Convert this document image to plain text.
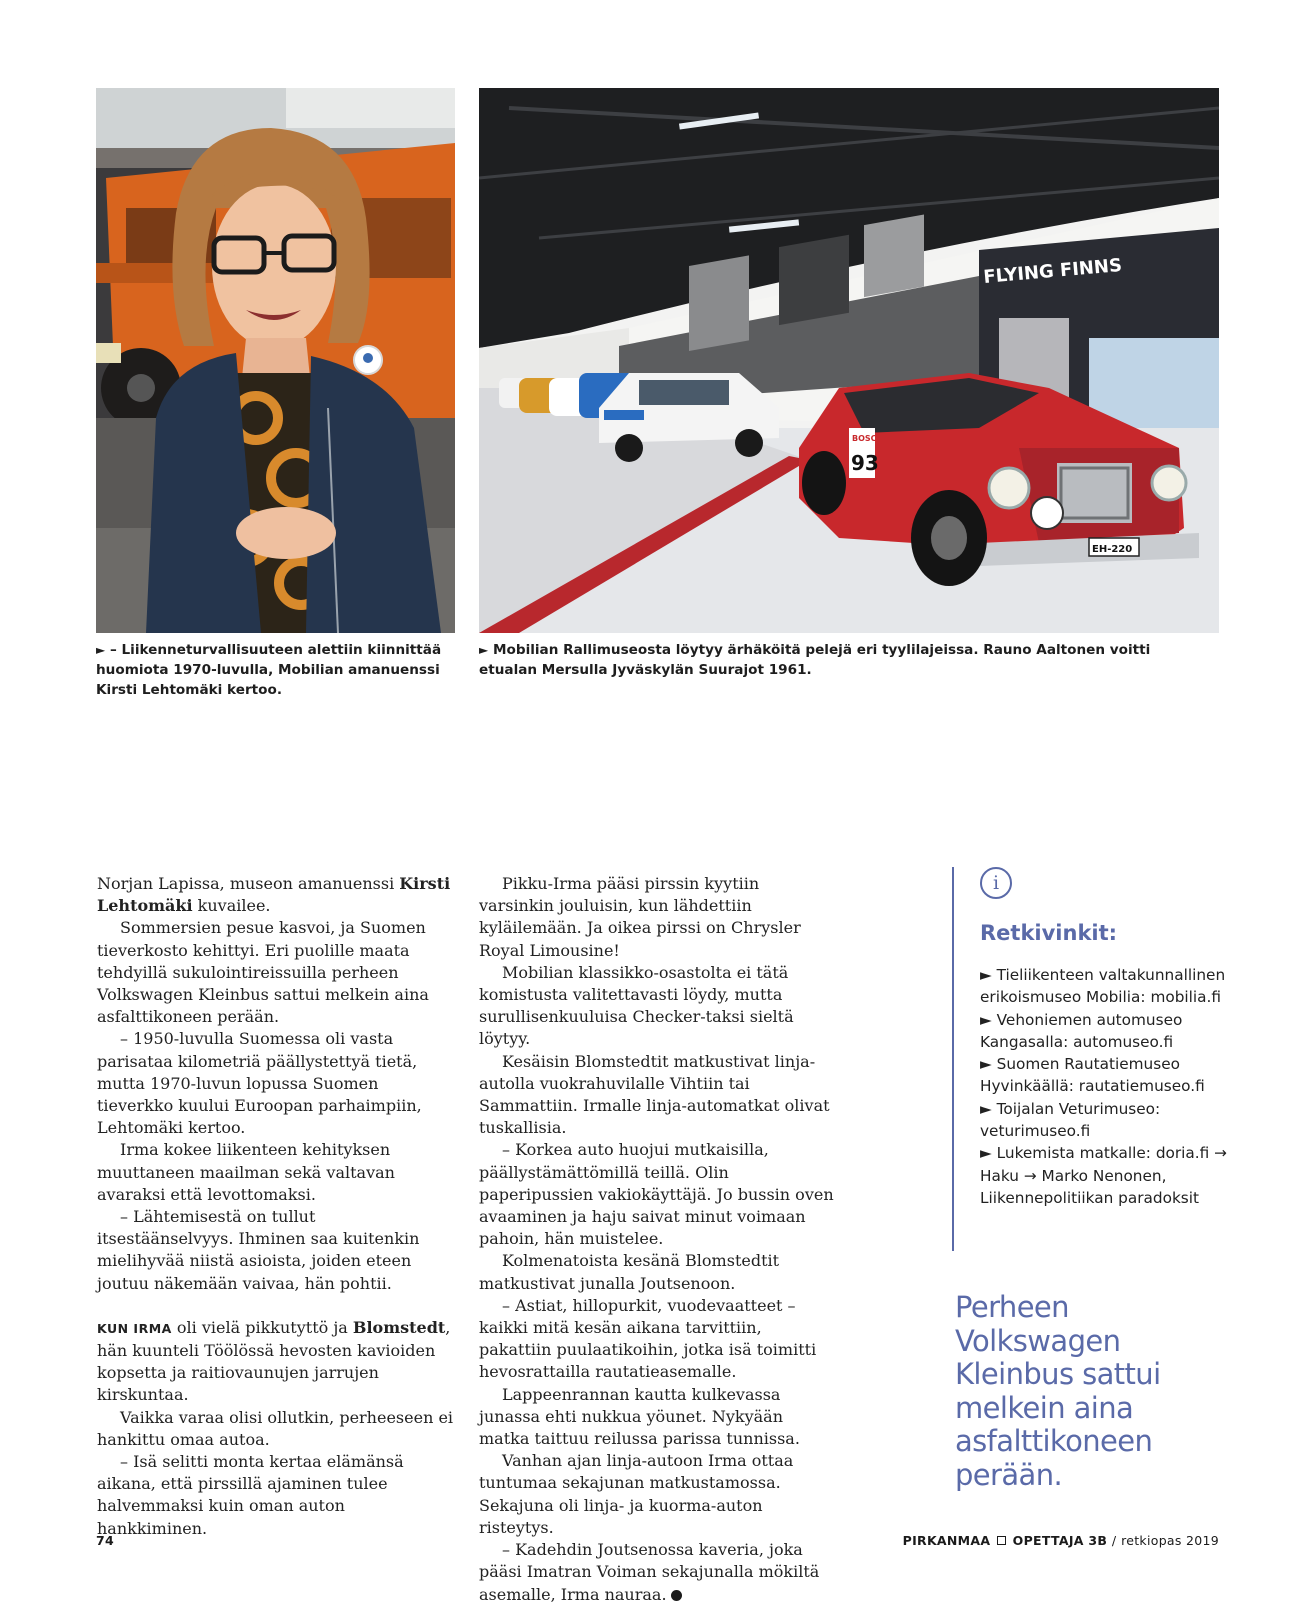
FLYING FINNS
BOSCH
93
EH-220

► – Liikenneturvallisuuteen alettiin kiinnittää huomiota 1970-luvulla, Mobilian amanuenssi Kirsti Lehtomäki kertoo.

► Mobilian Rallimuseosta löytyy ärhäköitä pelejä eri tyylilajeissa. Rauno Aaltonen voitti etualan Mersulla Jyväskylän Suurajot 1961.

Norjan Lapissa, museon amanuenssi Kirsti Lehtomäki kuvailee.

Sommersien pesue kasvoi, ja Suomen tieverkosto kehittyi. Eri puolille maata tehdyillä sukulointireissuilla perheen Volkswagen Kleinbus sattui melkein aina asfalttikoneen perään.

– 1950-luvulla Suomessa oli vasta parisataa kilometriä päällystettyä tietä, mutta 1970-luvun lopussa Suomen tieverkko kuului Euroopan parhaimpiin, Lehtomäki kertoo.

Irma kokee liikenteen kehityksen muuttaneen maailman sekä valtavan avaraksi että levottomaksi.

– Lähtemisestä on tullut itsestäänselvyys. Ihminen saa kuitenkin mielihyvää niistä asioista, joiden eteen joutuu näkemään vaivaa, hän pohtii.

KUN IRMA oli vielä pikkutyttö ja Blomstedt, hän kuunteli Töölössä hevosten kavioiden kopsetta ja raitiovaunujen jarrujen kirskuntaa.

Vaikka varaa olisi ollutkin, perheeseen ei hankittu omaa autoa.

– Isä selitti monta kertaa elämänsä aikana, että pirssillä ajaminen tulee halvemmaksi kuin oman auton hankkiminen.

Pikku-Irma pääsi pirssin kyytiin varsinkin jouluisin, kun lähdettiin kyläilemään. Ja oikea pirssi on Chrysler Royal Limousine!

Mobilian klassikko-osastolta ei tätä komistusta valitettavasti löydy, mutta surullisenkuuluisa Checker-taksi sieltä löytyy.

Kesäisin Blomstedtit matkustivat linja-autolla vuokrahuvilalle Vihtiin tai Sammattiin. Irmalle linja-automatkat olivat tuskallisia.

– Korkea auto huojui mutkaisilla, päällystämättömillä teillä. Olin paperipussien vakiokäyttäjä. Jo bussin oven avaaminen ja haju saivat minut voimaan pahoin, hän muistelee.

Kolmenatoista kesänä Blomstedtit matkustivat junalla Joutsenoon.

– Astiat, hillopurkit, vuodevaatteet – kaikki mitä kesän aikana tarvittiin, pakattiin puulaatikoihin, jotka isä toimitti hevosrattailla rautatieasemalle.

Lappeenrannan kautta kulkevassa junassa ehti nukkua yöunet. Nykyään matka taittuu reilussa parissa tunnissa.

Vanhan ajan linja-autoon Irma ottaa tuntumaa sekajunan matkustamossa. Sekajuna oli linja- ja kuorma-auton risteytys.

– Kadehdin Joutsenossa kaveria, joka pääsi Imatran Voiman sekajunalla mökiltä asemalle, Irma nauraa.

i
Retkivinkit:
► Tieliikenteen valtakunnallinen erikoismuseo Mobilia: mobilia.fi
► Vehoniemen automuseo Kangasalla: automuseo.fi
► Suomen Rautatiemuseo Hyvinkäällä: rautatiemuseo.fi
► Toijalan Veturimuseo: veturimuseo.fi
► Lukemista matkalle: doria.fi → Haku → Marko Nenonen, Liikennepolitiikan paradoksit

Perheen Volkswagen Kleinbus sattui melkein aina asfalttikoneen perään.

74	PIRKANMAA OPETTAJA 3B / retkiopas 2019
